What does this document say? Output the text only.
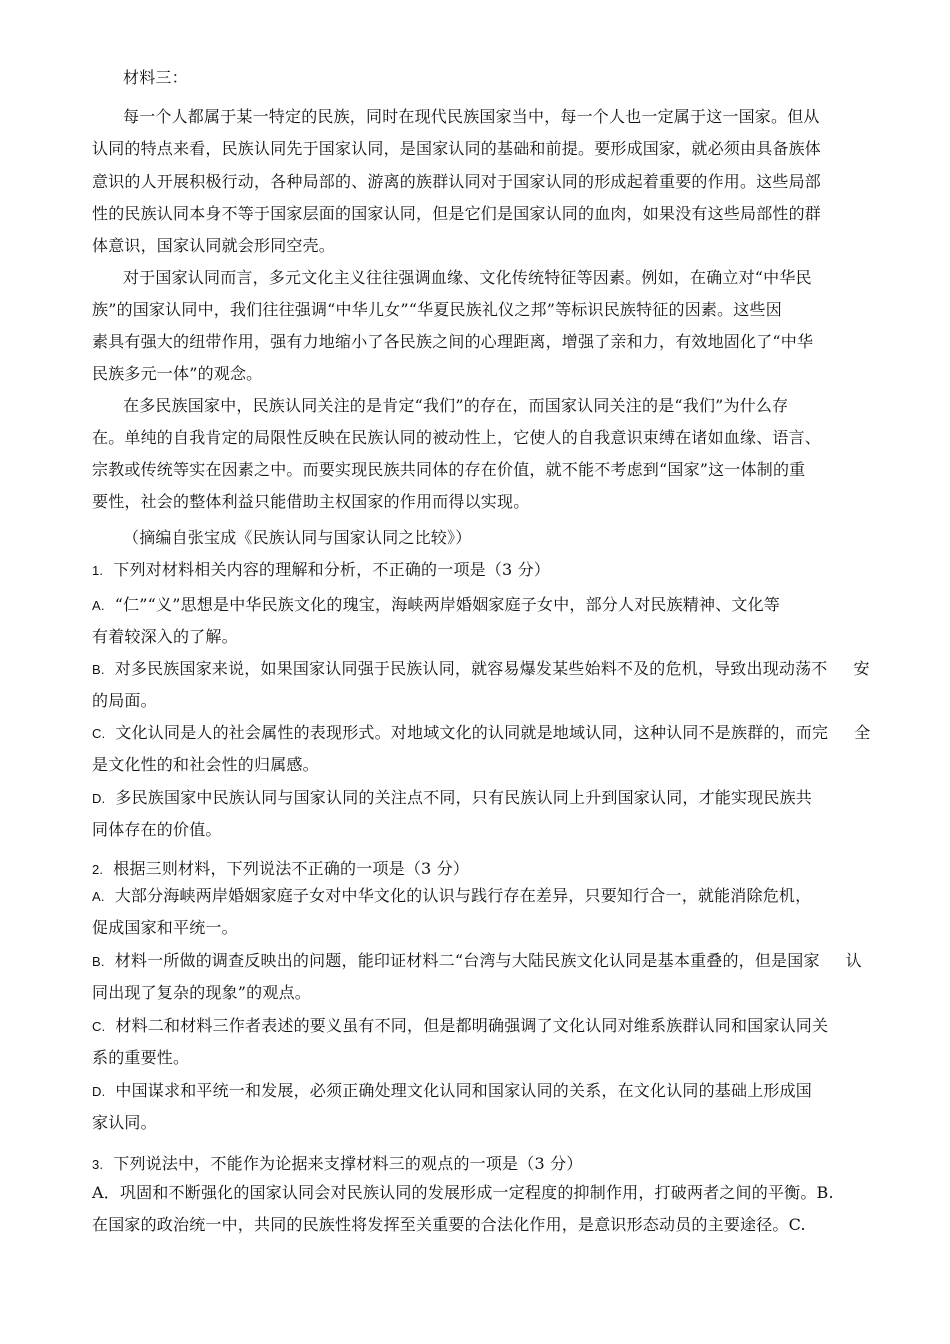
材料三：
每一个人都属于某一特定的民族，同时在现代民族国家当中，每一个人也一定属于这一国家。但从
认同的特点来看，民族认同先于国家认同，是国家认同的基础和前提。要形成国家，就必须由具备族体
意识的人开展积极行动，各种局部的、游离的族群认同对于国家认同的形成起着重要的作用。这些局部
性的民族认同本身不等于国家层面的国家认同，但是它们是国家认同的血肉，如果没有这些局部性的群
体意识，国家认同就会形同空壳。
对于国家认同而言，多元文化主义往往强调血缘、文化传统特征等因素。例如，在确立对“中华民
族”的国家认同中，我们往往强调“中华儿女”“华夏民族礼仪之邦”等标识民族特征的因素。这些因
素具有强大的纽带作用，强有力地缩小了各民族之间的心理距离，增强了亲和力，有效地固化了“中华
民族多元一体”的观念。
在多民族国家中，民族认同关注的是肯定“我们”的存在，而国家认同关注的是“我们”为什么存
在。单纯的自我肯定的局限性反映在民族认同的被动性上，它使人的自我意识束缚在诸如血缘、语言、
宗教或传统等实在因素之中。而要实现民族共同体的存在价值，就不能不考虑到“国家”这一体制的重
要性，社会的整体利益只能借助主权国家的作用而得以实现。
（摘编自张宝成《民族认同与国家认同之比较》）
1. 下列对材料相关内容的理解和分析，不正确的一项是（3 分）
A. “仁”“义”思想是中华民族文化的瑰宝，海峡两岸婚姻家庭子女中，部分人对民族精神、文化等
有着较深入的了解。
B. 对多民族国家来说，如果国家认同强于民族认同，就容易爆发某些始料不及的危机，导致出现动荡不 安
的局面。
C. 文化认同是人的社会属性的表现形式。对地域文化的认同就是地域认同，这种认同不是族群的，而完 全
是文化性的和社会性的归属感。
D. 多民族国家中民族认同与国家认同的关注点不同，只有民族认同上升到国家认同，才能实现民族共
同体存在的价值。
2. 根据三则材料，下列说法不正确的一项是（3 分）
A. 大部分海峡两岸婚姻家庭子女对中华文化的认识与践行存在差异，只要知行合一，就能消除危机，
促成国家和平统一。
B. 材料一所做的调查反映出的问题，能印证材料二“台湾与大陆民族文化认同是基本重叠的，但是国家 认
同出现了复杂的现象”的观点。
C. 材料二和材料三作者表述的要义虽有不同，但是都明确强调了文化认同对维系族群认同和国家认同关
系的重要性。
D. 中国谋求和平统一和发展，必须正确处理文化认同和国家认同的关系，在文化认同的基础上形成国
家认同。
3. 下列说法中，不能作为论据来支撑材料三的观点的一项是（3 分）
A．巩固和不断强化的国家认同会对民族认同的发展形成一定程度的抑制作用，打破两者之间的平衡。B.
在国家的政治统一中，共同的民族性将发挥至关重要的合法化作用，是意识形态动员的主要途径。C.
